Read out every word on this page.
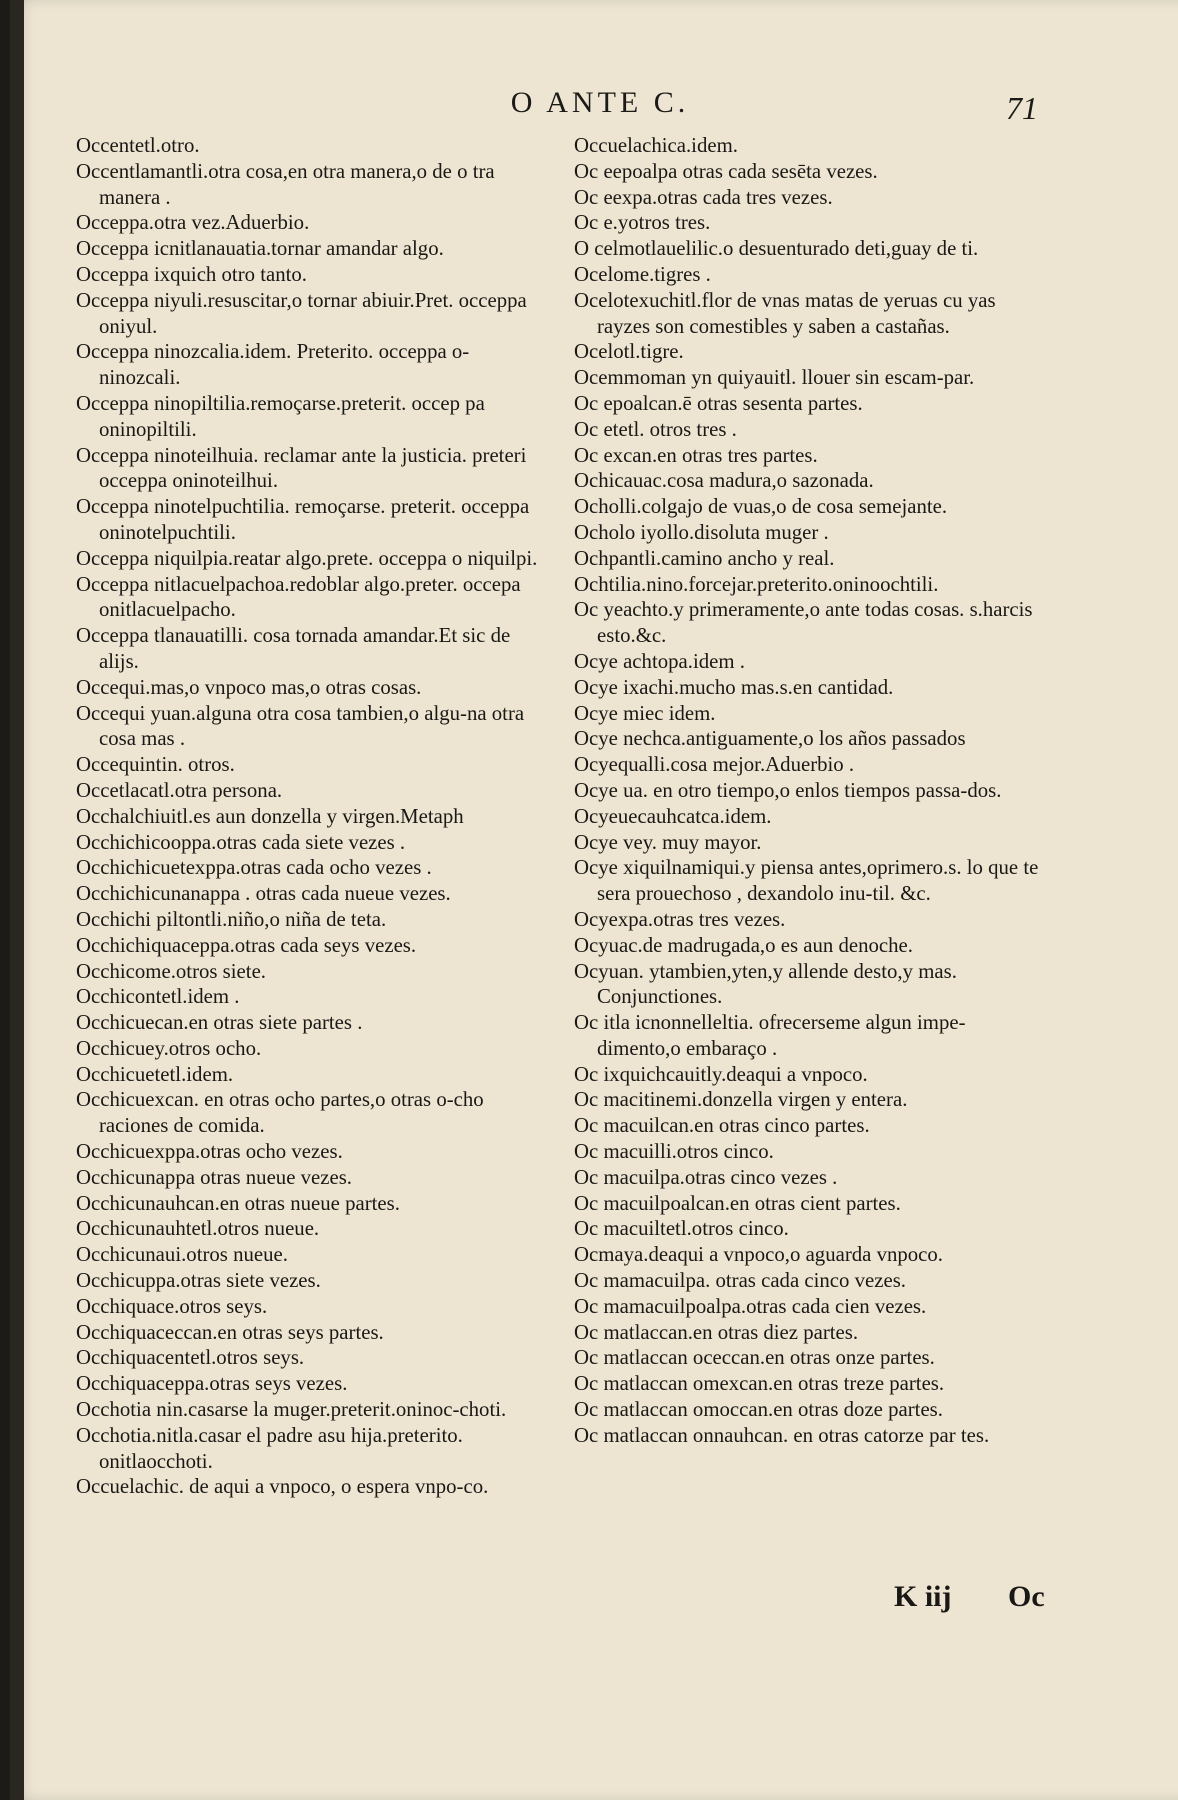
O ANTE C.	71

Occentetl.otro.

Occentlamantli.otra cosa,en otra manera,o de o tra manera .

Occeppa.otra vez.Aduerbio.

Occeppa icnitlanauatia.tornar amandar algo.

Occeppa ixquich otro tanto.

Occeppa niyuli.resuscitar,o tornar abiuir.Pret. occeppa oniyul.

Occeppa ninozcalia.idem. Preterito. occeppa o-ninozcali.

Occeppa ninopiltilia.remoçarse.preterit. occep pa oninopiltili.

Occeppa ninoteilhuia. reclamar ante la justicia. preteri occeppa oninoteilhui.

Occeppa ninotelpuchtilia. remoçarse. preterit. occeppa oninotelpuchtili.

Occeppa niquilpia.reatar algo.prete. occeppa o niquilpi.

Occeppa nitlacuelpachoa.redoblar algo.preter. occepa onitlacuelpacho.

Occeppa tlanauatilli. cosa tornada amandar.Et sic de alijs.

Occequi.mas,o vnpoco mas,o otras cosas.

Occequi yuan.alguna otra cosa tambien,o algu-na otra cosa mas .

Occequintin. otros.

Occetlacatl.otra persona.

Occhalchiuitl.es aun donzella y virgen.Metaph

Occhichicooppa.otras cada siete vezes .

Occhichicuetexppa.otras cada ocho vezes .

Occhichicunanappa . otras cada nueue vezes.

Occhichi piltontli.niño,o niña de teta.

Occhichiquaceppa.otras cada seys vezes.

Occhicome.otros siete.

Occhicontetl.idem .

Occhicuecan.en otras siete partes .

Occhicuey.otros ocho.

Occhicuetetl.idem.

Occhicuexcan. en otras ocho partes,o otras o-cho raciones de comida.

Occhicuexppa.otras ocho vezes.

Occhicunappa otras nueue vezes.

Occhicunauhcan.en otras nueue partes.

Occhicunauhtetl.otros nueue.

Occhicunaui.otros nueue.

Occhicuppa.otras siete vezes.

Occhiquace.otros seys.

Occhiquaceccan.en otras seys partes.

Occhiquacentetl.otros seys.

Occhiquaceppa.otras seys vezes.

Occhotia nin.casarse la muger.preterit.oninoc-choti.

Occhotia.nitla.casar el padre asu hija.preterito. onitlaocchoti.

Occuelachic. de aqui a vnpoco, o espera vnpo-co.

Occuelachica.idem.

Oc eepoalpa otras cada sesēta vezes.

Oc eexpa.otras cada tres vezes.

Oc e.yotros tres.

O celmotlauelilic.o desuenturado deti,guay de ti.

Ocelome.tigres .

Ocelotexuchitl.flor de vnas matas de yeruas cu yas rayzes son comestibles y saben a castañas.

Ocelotl.tigre.

Ocemmoman yn quiyauitl. llouer sin escam-par.

Oc epoalcan.ē otras sesenta partes.

Oc etetl. otros tres .

Oc excan.en otras tres partes.

Ochicauac.cosa madura,o sazonada.

Ocholli.colgajo de vuas,o de cosa semejante.

Ocholo iyollo.disoluta muger .

Ochpantli.camino ancho y real.

Ochtilia.nino.forcejar.preterito.oninoochtili.

Oc yeachto.y primeramente,o ante todas cosas. s.harcis esto.&c.

Ocye achtopa.idem .

Ocye ixachi.mucho mas.s.en cantidad.

Ocye miec idem.

Ocye nechca.antiguamente,o los años passados

Ocyequalli.cosa mejor.Aduerbio .

Ocye ua. en otro tiempo,o enlos tiempos passa-dos.

Ocyeuecauhcatca.idem.

Ocye vey. muy mayor.

Ocye xiquilnamiqui.y piensa antes,oprimero.s. lo que te sera prouechoso , dexandolo inu-til. &c.

Ocyexpa.otras tres vezes.

Ocyuac.de madrugada,o es aun denoche.

Ocyuan. ytambien,yten,y allende desto,y mas. Conjunctiones.

Oc itla icnonnelleltia. ofrecerseme algun impe-dimento,o embaraço .

Oc ixquichcauitly.deaqui a vnpoco.

Oc macitinemi.donzella virgen y entera.

Oc macuilcan.en otras cinco partes.

Oc macuilli.otros cinco.

Oc macuilpa.otras cinco vezes .

Oc macuilpoalcan.en otras cient partes.

Oc macuiltetl.otros cinco.

Ocmaya.deaqui a vnpoco,o aguarda vnpoco.

Oc mamacuilpa. otras cada cinco vezes.

Oc mamacuilpoalpa.otras cada cien vezes.

Oc matlaccan.en otras diez partes.

Oc matlaccan oceccan.en otras onze partes.

Oc matlaccan omexcan.en otras treze partes.

Oc matlaccan omoccan.en otras doze partes.

Oc matlaccan onnauhcan. en otras catorze par tes.

K iij Oc
